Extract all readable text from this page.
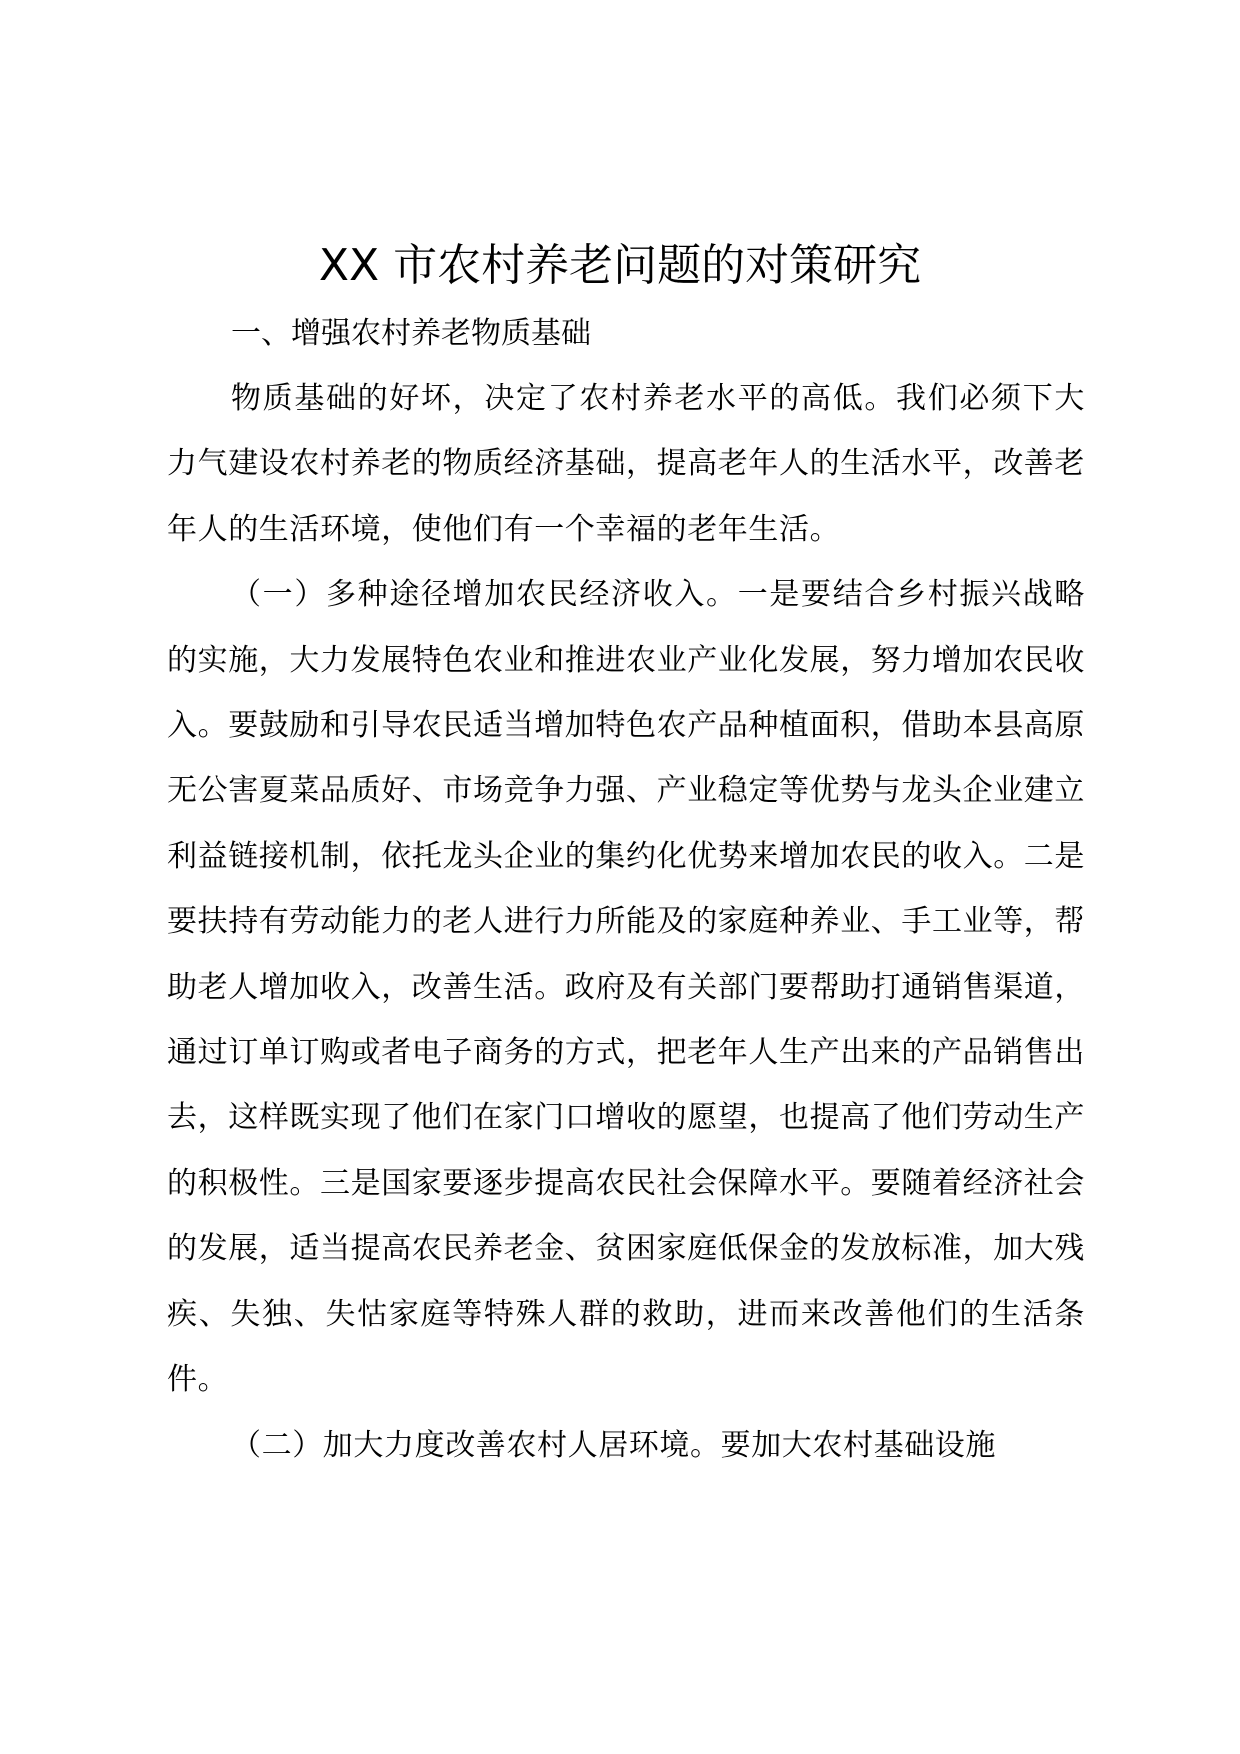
XX 市农村养老问题的对策研究
一、增强农村养老物质基础

物质基础的好坏，决定了农村养老水平的高低。我们必须下大力气建设农村养老的物质经济基础，提高老年人的生活水平，改善老年人的生活环境，使他们有一个幸福的老年生活。

（一）多种途径增加农民经济收入。一是要结合乡村振兴战略的实施，大力发展特色农业和推进农业产业化发展，努力增加农民收入。要鼓励和引导农民适当增加特色农产品种植面积，借助本县高原无公害夏菜品质好、市场竞争力强、产业稳定等优势与龙头企业建立利益链接机制，依托龙头企业的集约化优势来增加农民的收入。二是要扶持有劳动能力的老人进行力所能及的家庭种养业、手工业等，帮助老人增加收入，改善生活。政府及有关部门要帮助打通销售渠道，通过订单订购或者电子商务的方式，把老年人生产出来的产品销售出去，这样既实现了他们在家门口增收的愿望，也提高了他们劳动生产的积极性。三是国家要逐步提高农民社会保障水平。要随着经济社会的发展，适当提高农民养老金、贫困家庭低保金的发放标准，加大残疾、失独、失怙家庭等特殊人群的救助，进而来改善他们的生活条件。

（二）加大力度改善农村人居环境。要加大农村基础设施
